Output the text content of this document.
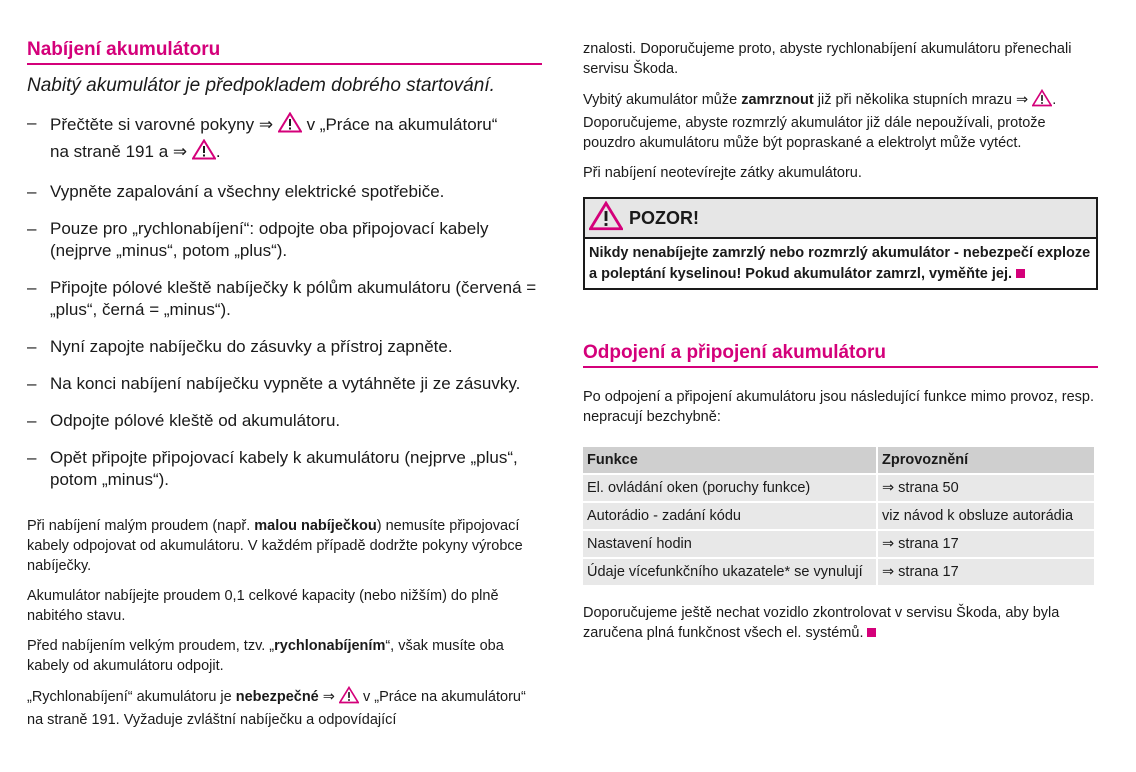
Nabíjení akumulátoru

Nabitý akumulátor je předpokladem dobrého startování.

– Přečtěte si varovné pokyny ⇒ v „Práce na akumulátoru“
na straně 191 a ⇒ .
– Vypněte zapalování a všechny elektrické spotřebiče.
– Pouze pro „rychlonabíjení“: odpojte oba připojovací kabely (nejprve „minus“, potom „plus“).
– Připojte pólové kleště nabíječky k pólům akumulátoru (červená = „plus“, černá = „minus“).
– Nyní zapojte nabíječku do zásuvky a přístroj zapněte.
– Na konci nabíjení nabíječku vypněte a vytáhněte ji ze zásuvky.
– Odpojte pólové kleště od akumulátoru.
– Opět připojte připojovací kabely k akumulátoru (nejprve „plus“, potom „minus“).

Při nabíjení malým proudem (např. malou nabíječkou) nemusíte připojovací kabely odpojovat od akumulátoru. V každém případě dodržte pokyny výrobce nabíječky.

Akumulátor nabíjejte proudem 0,1 celkové kapacity (nebo nižším) do plně nabitého stavu.

Před nabíjením velkým proudem, tzv. „rychlonabíjením“, však musíte oba kabely od akumulátoru odpojit.

„Rychlonabíjení“ akumulátoru je nebezpečné ⇒ v „Práce na akumulátoru“ na straně 191. Vyžaduje zvláštní nabíječku a odpovídající

znalosti. Doporučujeme proto, abyste rychlonabíjení akumulátoru přenechali servisu Škoda.

Vybitý akumulátor může zamrznout již při několika stupních mrazu ⇒ . Doporučujeme, abyste rozmrzlý akumulátor již dále nepoužívali, protože pouzdro akumulátoru může být popraskané a elektrolyt může vytéct.

Při nabíjení neotevírejte zátky akumulátoru.

POZOR!
Nikdy nenabíjejte zamrzlý nebo rozmrzlý akumulátor - nebezpečí exploze a poleptání kyselinou! Pokud akumulátor zamrzl, vyměňte jej.
Odpojení a připojení akumulátoru

Po odpojení a připojení akumulátoru jsou následující funkce mimo provoz, resp. nepracují bezchybně:

Funkce	Zprovoznění
El. ovládání oken (poruchy funkce)	⇒ strana 50
Autorádio - zadání kódu	viz návod k obsluze autorádia
Nastavení hodin	⇒ strana 17
Údaje vícefunkčního ukazatele* se vynulují	⇒ strana 17

Doporučujeme ještě nechat vozidlo zkontrolovat v servisu Škoda, aby byla zaručena plná funkčnost všech el. systémů.
